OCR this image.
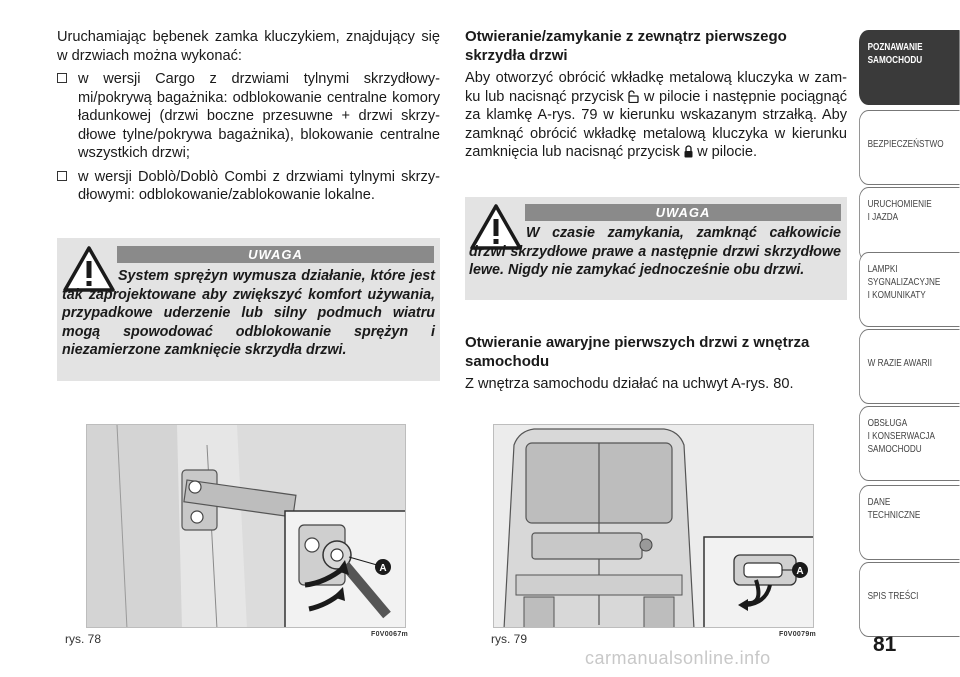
Uruchamiając bębenek zamka kluczykiem, znajdujący się w drzwiach można wykonać:

w wersji Cargo z drzwiami tylnymi skrzydłowymi/pokrywą bagażnika: odblokowanie centralne komory ładunkowej (drzwi boczne przesuwne + drzwi skrzydłowe tylne/pokrywa bagażnika), blokowanie centralne wszystkich drzwi;
w wersji Doblò/Doblò Combi z drzwiami tylnymi skrzydłowymi: odblokowanie/zablokowanie lokalne.
UWAGA
System sprężyn wymusza działanie, które jest tak zaprojektowane aby zwiększyć komfort używania, przypadkowe uderzenie lub silny podmuch wiatru mogą spowodować odblokowanie sprężyn i niezamierzone zamknięcie skrzydła drzwi.
Otwieranie/zamykanie z zewnątrz pierwszego skrzydła drzwi

Aby otworzyć obrócić wkładkę metalową kluczyka w zamku lub nacisnąć przycisk w pilocie i następnie pociągnąć za klamkę A-rys. 79 w kierunku wskazanym strzałką. Aby zamknąć obrócić wkładkę metalową kluczyka w kierunku zamknięcia lub nacisnąć przycisk w pilocie.

UWAGA
W czasie zamykania, zamknąć całkowicie drzwi skrzydłowe prawe a następnie drzwi skrzydłowe lewe. Nigdy nie zamykać jednocześnie obu drzwi.
Otwieranie awaryjne pierwszych drzwi z wnętrza samochodu

Z wnętrza samochodu działać na uchwyt A-rys. 80.

A
rys. 78	F0V0067m
A
rys. 79	F0V0079m
POZNAWANIE
SAMOCHODU
BEZPIECZEŃSTWO
URUCHOMIENIE
I JAZDA
LAMPKI
SYGNALIZACYJNE
I KOMUNIKATY
W RAZIE AWARII
OBSŁUGA
I KONSERWACJA
SAMOCHODU
DANE
TECHNICZNE
SPIS TREŚCI
81
carmanualsonline.info
